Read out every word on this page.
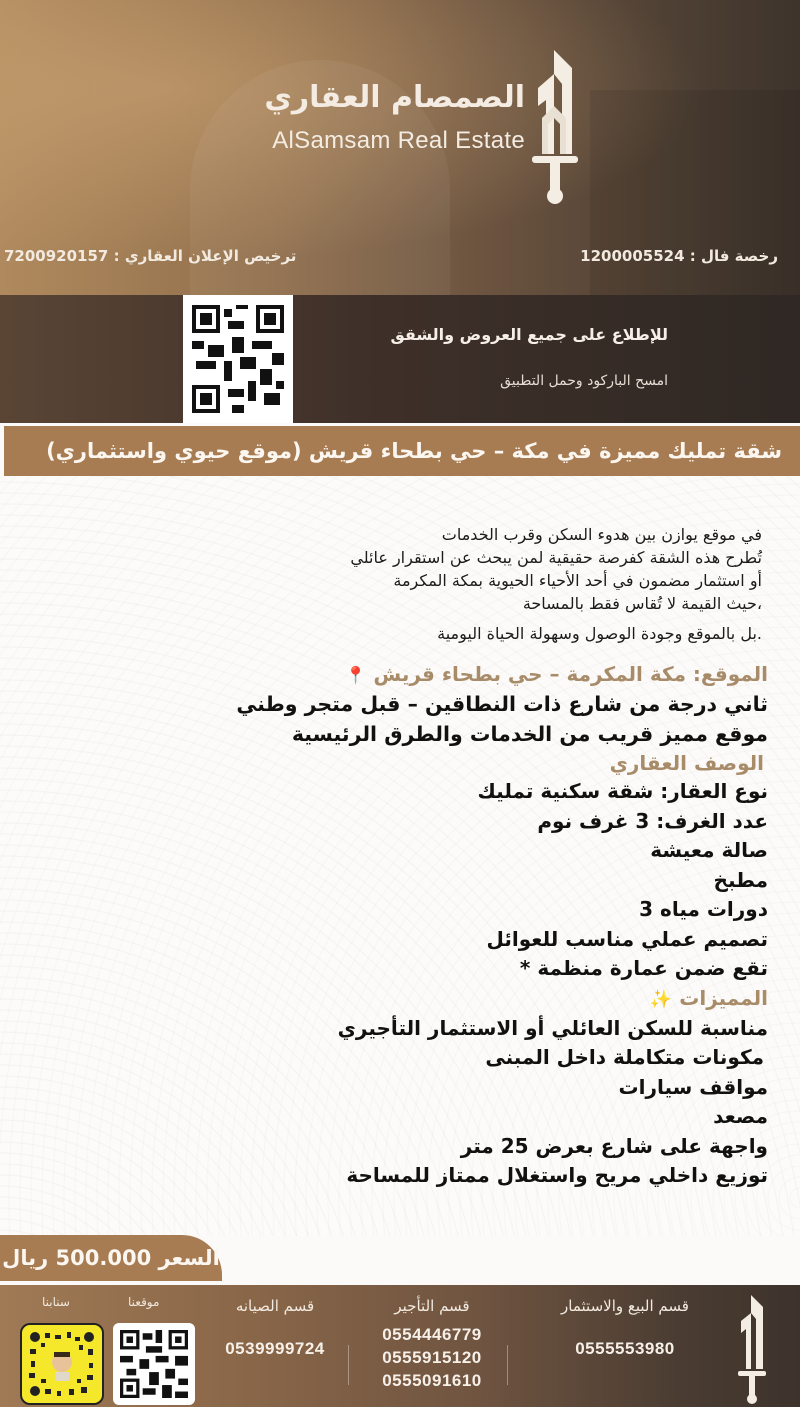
الصمصام العقاري
AlSamsam Real Estate
ترخيص الإعلان العقاري : 7200920157	رخصة فال : 1200005524
للإطلاع على جميع العروض والشقق
امسح الباركود وحمل التطبيق
شقة تمليك مميزة في مكة – حي بطحاء قريش (موقع حيوي واستثماري)

في موقع يوازن بين هدوء السكن وقرب الخدمات

تُطرح هذه الشقة كفرصة حقيقية لمن يبحث عن استقرار عائلي

أو استثمار مضمون في أحد الأحياء الحيوية بمكة المكرمة

،حيث القيمة لا تُقاس فقط بالمساحة

.بل بالموقع وجودة الوصول وسهولة الحياة اليومية

الموقع: مكة المكرمة – حي بطحاء قريش 📍
ثاني درجة من شارع ذات النطاقين – قبل متجر وطني
موقع مميز قريب من الخدمات والطرق الرئيسية
الوصف العقاري
نوع العقار: شقة سكنية تمليك
عدد الغرف: 3 غرف نوم
صالة معيشة
مطبخ
دورات مياه 3
تصميم عملي مناسب للعوائل
تقع ضمن عمارة منظمة *
المميزات ✨
مناسبة للسكن العائلي أو الاستثمار التأجيري
مكونات متكاملة داخل المبنى
مواقف سيارات
مصعد
واجهة على شارع بعرض 25 متر
توزيع داخلي مريح واستغلال ممتاز للمساحة
السعر 500.000 ريال
قسم البيع والاستثمار
0555553980
قسم التأجير
0554446779
0555915120
0555091610
قسم الصيانه
0539999724
موقعنا
سنابنا
